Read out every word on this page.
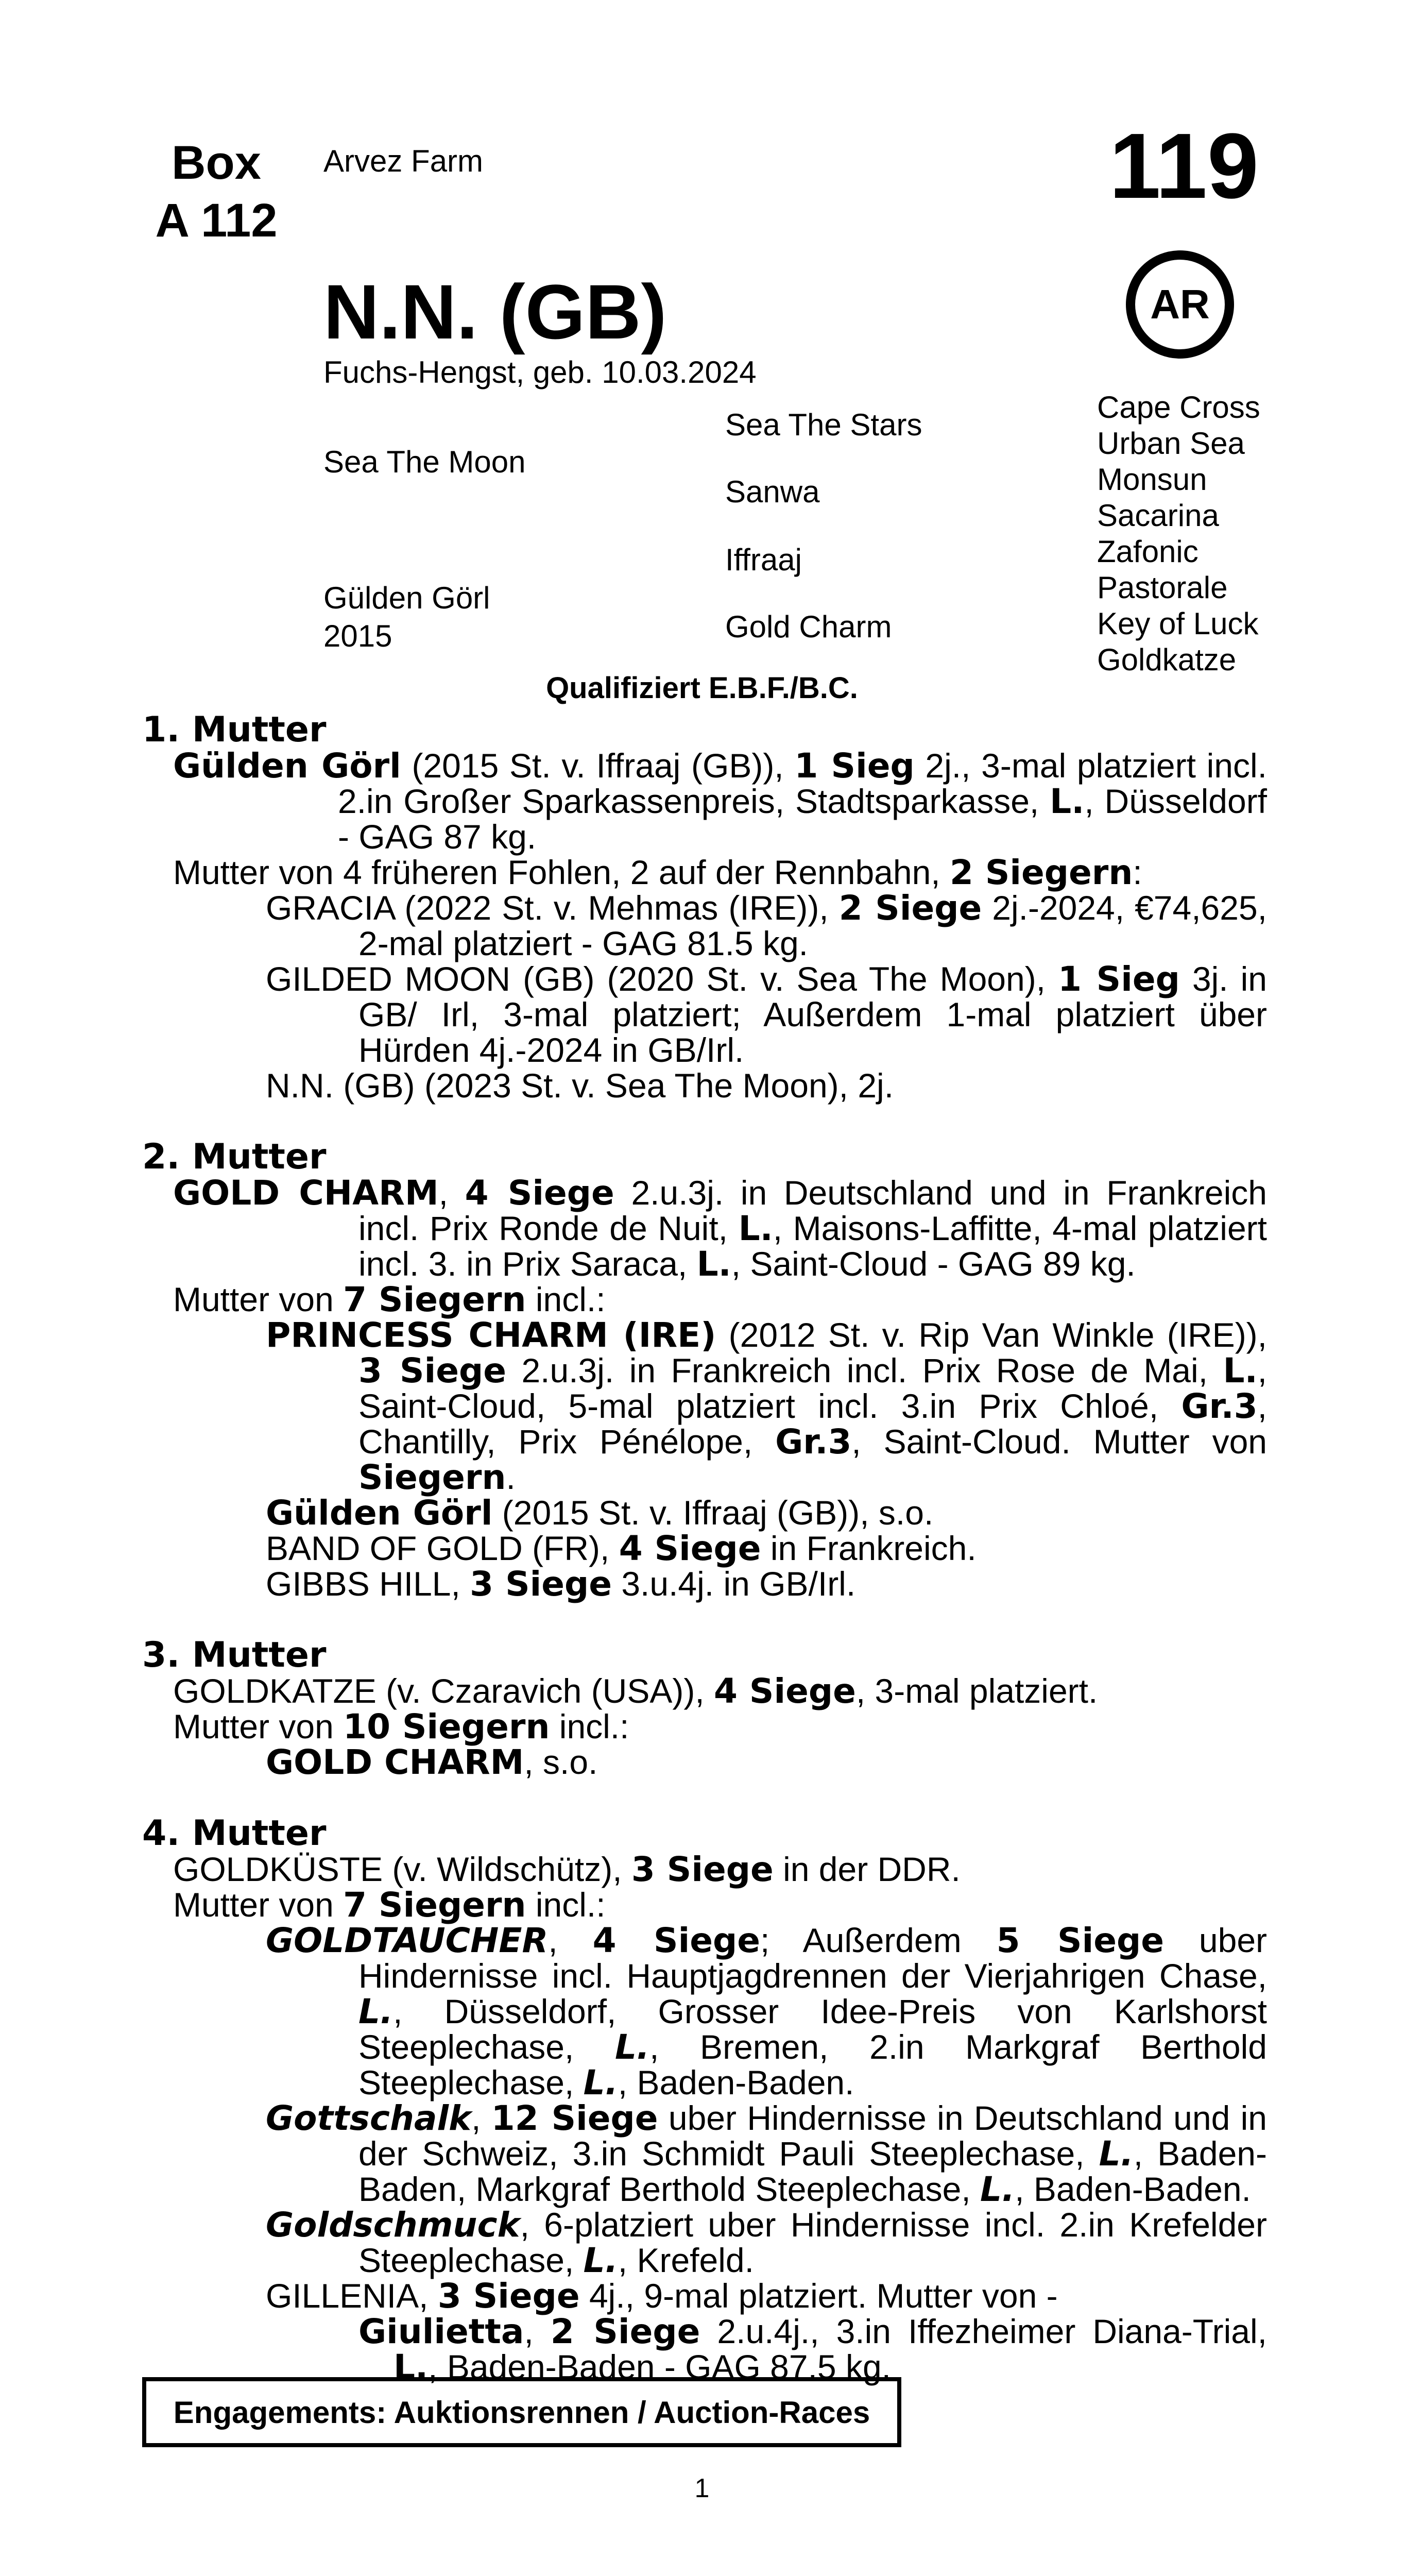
Box
A 112
Arvez Farm	119
N.N. (GB)	AR
Fuchs-Hengst, geb. 10.03.2024
Sea The Moon
Gülden Görl
2015
Sea The Stars
Sanwa
Iffraaj
Gold Charm
Cape Cross
Urban Sea
Monsun
Sacarina
Zafonic
Pastorale
Key of Luck
Goldkatze
Qualifiziert E.B.F./B.C.
1. Mutter
Gülden Görl (2015 St. v. Iffraaj (GB)), 1 Sieg 2j., 3-mal platziert incl. 2.in Großer Sparkassenpreis, Stadtsparkasse, L., Düsseldorf - GAG 87 kg.
Mutter von 4 früheren Fohlen, 2 auf der Rennbahn, 2 Siegern:
GRACIA (2022 St. v. Mehmas (IRE)), 2 Siege 2j.-2024, €74,625, 2-mal platziert - GAG 81.5 kg.
GILDED MOON (GB) (2020 St. v. Sea The Moon), 1 Sieg 3j. in GB/ Irl, 3-mal platziert; Außerdem 1-mal platziert über Hürden 4j.-2024 in GB/Irl.
N.N. (GB) (2023 St. v. Sea The Moon), 2j.
2. Mutter
GOLD CHARM, 4 Siege 2.u.3j. in Deutschland und in Frankreich incl. Prix Ronde de Nuit, L., Maisons-Laffitte, 4-mal platziert incl. 3. in Prix Saraca, L., Saint-Cloud - GAG 89 kg.
Mutter von 7 Siegern incl.:
PRINCESS CHARM (IRE) (2012 St. v. Rip Van Winkle (IRE)), 3 Siege 2.u.3j. in Frankreich incl. Prix Rose de Mai, L., Saint-Cloud, 5-mal platziert incl. 3.in Prix Chloé, Gr.3, Chantilly, Prix Pénélope, Gr.3, Saint-Cloud. Mutter von Siegern.
Gülden Görl (2015 St. v. Iffraaj (GB)), s.o.
BAND OF GOLD (FR), 4 Siege in Frankreich.
GIBBS HILL, 3 Siege 3.u.4j. in GB/Irl.
3. Mutter
GOLDKATZE (v. Czaravich (USA)), 4 Siege, 3-mal platziert.
Mutter von 10 Siegern incl.:
GOLD CHARM, s.o.
4. Mutter
GOLDKÜSTE (v. Wildschütz), 3 Siege in der DDR.
Mutter von 7 Siegern incl.:
GOLDTAUCHER, 4 Siege; Außerdem 5 Siege uber Hindernisse incl. Hauptjagdrennen der Vierjahrigen Chase, L., Düsseldorf, Grosser Idee-Preis von Karlshorst Steeplechase, L., Bremen, 2.in Markgraf Berthold Steeplechase, L., Baden-Baden.
Gottschalk, 12 Siege uber Hindernisse in Deutschland und in der Schweiz, 3.in Schmidt Pauli Steeplechase, L., Baden-Baden, Markgraf Berthold Steeplechase, L., Baden-Baden.
Goldschmuck, 6-platziert uber Hindernisse incl. 2.in Krefelder Steeplechase, L., Krefeld.
GILLENIA, 3 Siege 4j., 9-mal platziert. Mutter von -
Giulietta, 2 Siege 2.u.4j., 3.in Iffezheimer Diana-Trial, L., Baden-Baden - GAG 87.5 kg.
Engagements: Auktionsrennen / Auction-Races
1
